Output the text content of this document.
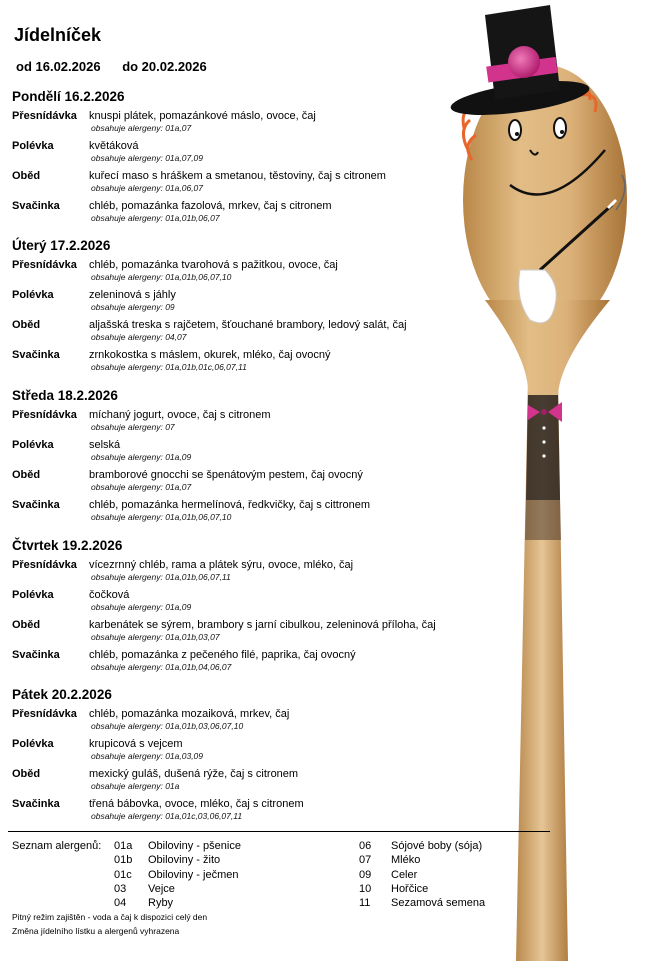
Jídelníček
od 16.02.2026 do 20.02.2026
Pondělí 16.2.2026
Přesnídávka knuspi plátek, pomazánkové máslo, ovoce, čaj
obsahuje alergeny: 01a,07
Polévka	květáková
obsahuje alergeny: 01a,07,09
Oběd	kuřecí maso s hráškem a smetanou, těstoviny, čaj s citronem
obsahuje alergeny: 01a,06,07
Svačinka	chléb, pomazánka fazolová, mrkev, čaj s citronem
obsahuje alergeny: 01a,01b,06,07
Úterý 17.2.2026
Přesnídávka chléb, pomazánka tvarohová s pažitkou, ovoce, čaj
obsahuje alergeny: 01a,01b,06,07,10
Polévka	zeleninová s jáhly
obsahuje alergeny: 09
Oběd	aljašská treska s rajčetem, šťouchané brambory, ledový salát, čaj
obsahuje alergeny: 04,07
Svačinka	zrnkokostka s máslem, okurek, mléko, čaj ovocný
obsahuje alergeny: 01a,01b,01c,06,07,11
Středa 18.2.2026
Přesnídávka míchaný jogurt, ovoce, čaj s citronem
obsahuje alergeny: 07
Polévka	selská
obsahuje alergeny: 01a,09
Oběd	bramborové gnocchi se špenátovým pestem, čaj ovocný
obsahuje alergeny: 01a,07
Svačinka	chléb, pomazánka hermelínová, ředkvičky, čaj s cittronem
obsahuje alergeny: 01a,01b,06,07,10
Čtvrtek 19.2.2026
Přesnídávka vícezrnný chléb, rama a plátek sýru, ovoce, mléko, čaj
obsahuje alergeny: 01a,01b,06,07,11
Polévka	čočková
obsahuje alergeny: 01a,09
Oběd	karbenátek se sýrem, brambory s jarní cibulkou, zeleninová příloha, čaj
obsahuje alergeny: 01a,01b,03,07
Svačinka	chléb, pomazánka z pečeného filé, paprika, čaj ovocný
obsahuje alergeny: 01a,01b,04,06,07
Pátek 20.2.2026
Přesnídávka chléb, pomazánka mozaiková, mrkev, čaj
obsahuje alergeny: 01a,01b,03,06,07,10
Polévka	krupicová s vejcem
obsahuje alergeny: 01a,03,09
Oběd	mexický guláš, dušená rýže, čaj s citronem
obsahuje alergeny: 01a
Svačinka	třená bábovka, ovoce, mléko, čaj s citronem
obsahuje alergeny: 01a,01c,03,06,07,11
Seznam alergenů: 01a Obiloviny - pšenice
01b Obiloviny - žito
01c Obiloviny - ječmen
03 Vejce
04 Ryby
06 Sójové boby (sója)
07 Mléko
09 Celer
10 Hořčice
11 Sezamová semena
Pitný režim zajištěn - voda a čaj k dispozici celý den
Změna jídelního lístku a alergenů vyhrazena
